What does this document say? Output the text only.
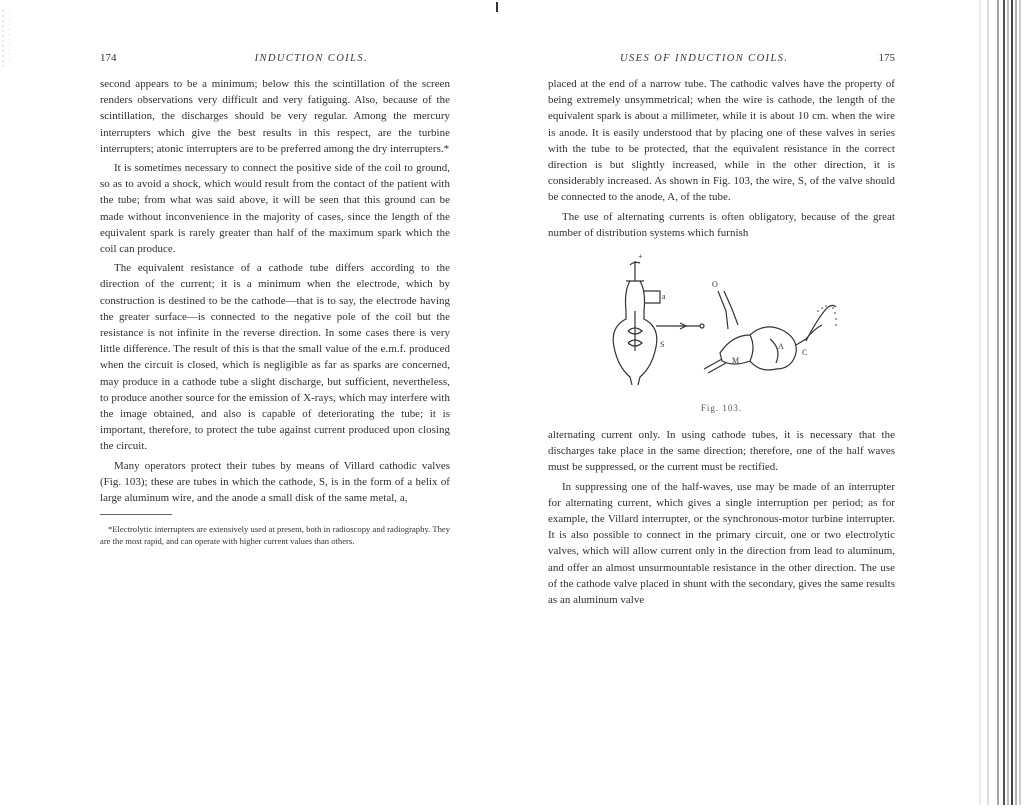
174	INDUCTION COILS.

second appears to be a minimum; below this the scintillation of the screen renders observations very difficult and very fatiguing. Also, because of the scintillation, the discharges should be very regular. Among the mercury interrupters which give the best results in this respect, are the turbine interrupters; atonic interrupters are to be preferred among the dry interrupters.*

It is sometimes necessary to connect the positive side of the coil to ground, so as to avoid a shock, which would result from the contact of the patient with the tube; from what was said above, it will be seen that this ground can be made without inconvenience in the majority of cases, since the length of the equivalent spark is rarely greater than half of the maximum spark which the coil can produce.

The equivalent resistance of a cathode tube differs according to the direction of the current; it is a minimum when the electrode, which by construction is destined to be the cathode—that is to say, the electrode having the greater surface—is connected to the negative pole of the coil but the resistance is not infinite in the reverse direction. In some cases there is very little difference. The result of this is that the small value of the e.m.f. produced when the circuit is closed, which is negligible as far as sparks are concerned, may produce in a cathode tube a slight discharge, but sufficient, nevertheless, to produce another source for the emission of X-rays, which may interfere with the image obtained, and also is capable of deteriorating the tube; it is important, therefore, to protect the tube against current produced upon closing the circuit.

Many operators protect their tubes by means of Villard cathodic valves (Fig. 103); these are tubes in which the cathode, S, is in the form of a helix of large aluminum wire, and the anode a small disk of the same metal, a,

*Electrolytic interrupters are extensively used at present, both in radioscopy and radiography. They are the most rapid, and can operate with higher current values than others.
USES OF INDUCTION COILS.	175

placed at the end of a narrow tube. The cathodic valves have the property of being extremely unsymmetrical; when the wire is cathode, the length of the equivalent spark is about a millimeter, while it is about 10 cm. when the wire is anode. It is easily understood that by placing one of these valves in series with the tube to be protected, that the equivalent resistance in the correct direction is but slightly increased, while in the other direction, it is considerably increased. As shown in Fig. 103, the wire, S, of the valve should be connected to the anode, A, of the tube.

The use of alternating currents is often obligatory, because of the great number of distribution systems which furnish

+
a
S
O
M
A
C
Fig. 103.

alternating current only. In using cathode tubes, it is necessary that the discharges take place in the same direction; therefore, one of the half waves must be suppressed, or the current must be rectified.

In suppressing one of the half-waves, use may be made of an interrupter for alternating current, which gives a single interruption per period; as for example, the Villard interrupter, or the synchronous-motor turbine interrupter. It is also possible to connect in the primary circuit, one or two electrolytic valves, which will allow current only in the direction from lead to aluminum, and offer an almost unsurmountable resistance in the other direction. The use of the cathode valve placed in shunt with the secondary, gives the same results as an aluminum valve
